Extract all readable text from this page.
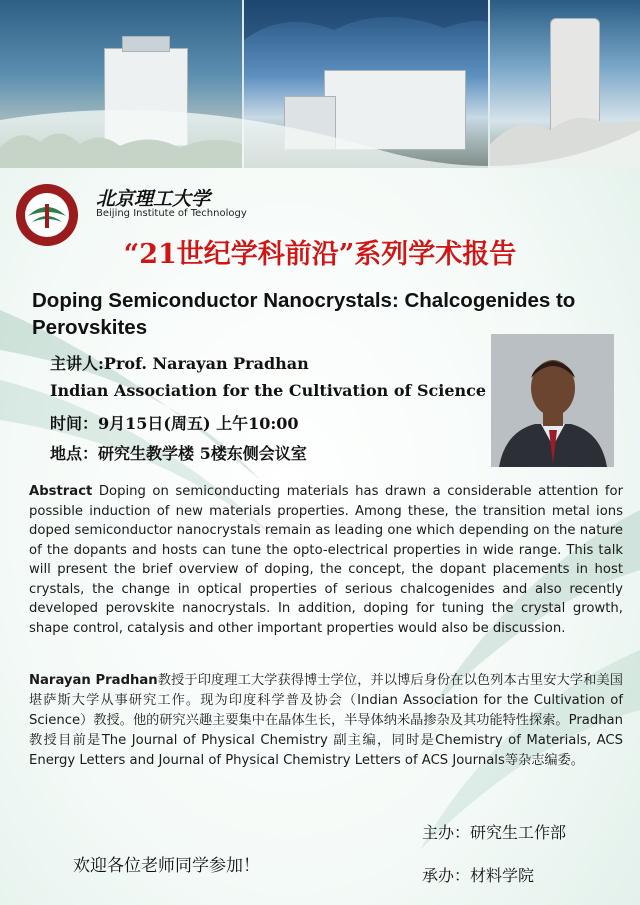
北京理工大学
Beijing Institute of Technology
“21世纪学科前沿”系列学术报告
Doping Semiconductor Nanocrystals: Chalcogenides to Perovskites
主讲人:Prof. Narayan Pradhan
Indian Association for the Cultivation of Science
时间：9月15日(周五) 上午10:00
地点：研究生教学楼 5楼东侧会议室
Abstract Doping on semiconducting materials has drawn a considerable attention for possible induction of new materials properties. Among these, the transition metal ions doped semiconductor nanocrystals remain as leading one which depending on the nature of the dopants and hosts can tune the opto-electrical properties in wide range. This talk will present the brief overview of doping, the concept, the dopant placements in host crystals, the change in optical properties of serious chalcogenides and also recently developed perovskite nanocrystals. In addition, doping for tuning the crystal growth, shape control, catalysis and other important properties would also be discussion.
Narayan Pradhan教授于印度理工大学获得博士学位，并以博后身份在以色列本古里安大学和美国堪萨斯大学从事研究工作。现为印度科学普及协会（Indian Association for the Cultivation of Science）教授。他的研究兴趣主要集中在晶体生长，半导体纳米晶掺杂及其功能特性探索。Pradhan教授目前是The Journal of Physical Chemistry 副主编，同时是Chemistry of Materials, ACS Energy Letters and Journal of Physical Chemistry Letters of ACS Journals等杂志编委。
主办：研究生工作部
欢迎各位老师同学参加！	承办：材料学院
